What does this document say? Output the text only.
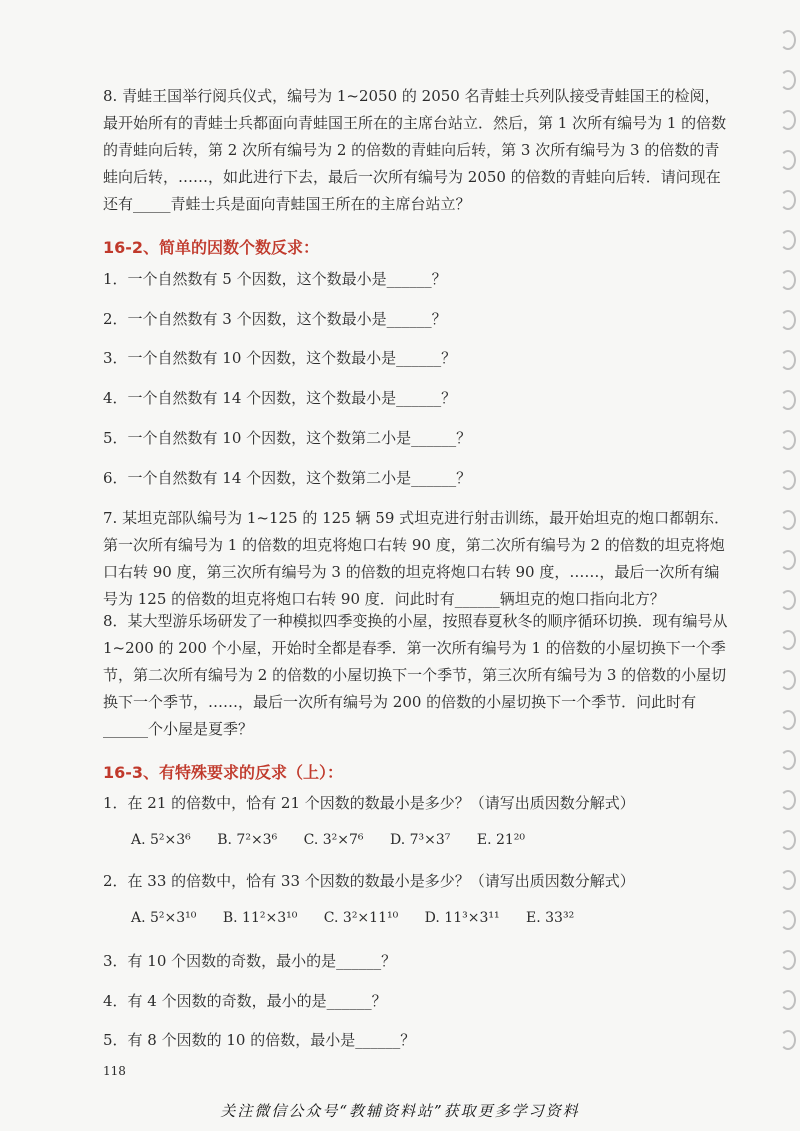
8. 青蛙王国举行阅兵仪式，编号为 1~2050 的 2050 名青蛙士兵列队接受青蛙国王的检阅，最开始所有的青蛙士兵都面向青蛙国王所在的主席台站立．然后，第 1 次所有编号为 1 的倍数的青蛙向后转，第 2 次所有编号为 2 的倍数的青蛙向后转，第 3 次所有编号为 3 的倍数的青蛙向后转，……，如此进行下去，最后一次所有编号为 2050 的倍数的青蛙向后转．请问现在还有_____青蛙士兵是面向青蛙国王所在的主席台站立？
16-2、简单的因数个数反求：
1．一个自然数有 5 个因数，这个数最小是______？
2．一个自然数有 3 个因数，这个数最小是______？
3．一个自然数有 10 个因数，这个数最小是______？
4．一个自然数有 14 个因数，这个数最小是______？
5．一个自然数有 10 个因数，这个数第二小是______？
6．一个自然数有 14 个因数，这个数第二小是______？
7. 某坦克部队编号为 1~125 的 125 辆 59 式坦克进行射击训练，最开始坦克的炮口都朝东．第一次所有编号为 1 的倍数的坦克将炮口右转 90 度，第二次所有编号为 2 的倍数的坦克将炮口右转 90 度，第三次所有编号为 3 的倍数的坦克将炮口右转 90 度，……，最后一次所有编号为 125 的倍数的坦克将炮口右转 90 度．问此时有______辆坦克的炮口指向北方？
8．某大型游乐场研发了一种模拟四季变换的小屋，按照春夏秋冬的顺序循环切换．现有编号从 1~200 的 200 个小屋，开始时全都是春季．第一次所有编号为 1 的倍数的小屋切换下一个季节，第二次所有编号为 2 的倍数的小屋切换下一个季节，第三次所有编号为 3 的倍数的小屋切换下一个季节，……，最后一次所有编号为 200 的倍数的小屋切换下一个季节．问此时有______个小屋是夏季？
16-3、有特殊要求的反求（上）：
1．在 21 的倍数中，恰有 21 个因数的数最小是多少？（请写出质因数分解式）
A. 5²×3⁶ B. 7²×3⁶ C. 3²×7⁶ D. 7³×3⁷ E. 21²⁰
2．在 33 的倍数中，恰有 33 个因数的数最小是多少？（请写出质因数分解式）
A. 5²×3¹⁰ B. 11²×3¹⁰ C. 3²×11¹⁰ D. 11³×3¹¹ E. 33³²
3．有 10 个因数的奇数，最小的是______？
4．有 4 个因数的奇数，最小的是______？
5．有 8 个因数的 10 的倍数，最小是______？
118
关注微信公众号“教辅资料站”获取更多学习资料
